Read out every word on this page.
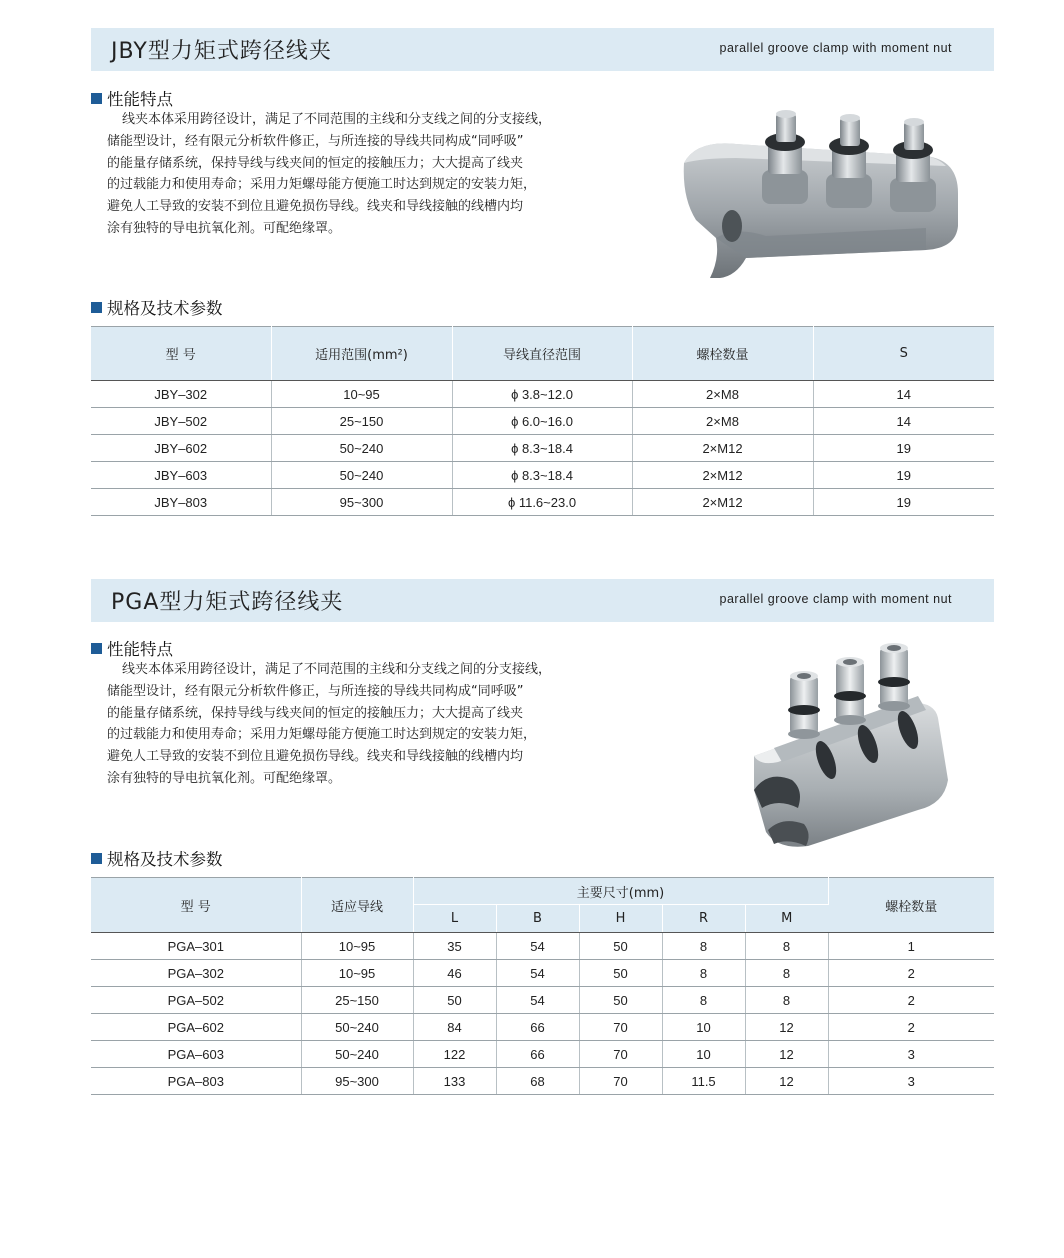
JBY型力矩式跨径线夹	parallel groove clamp with moment nut
性能特点
线夹本体采用跨径设计，满足了不同范围的主线和分支线之间的分支接线，
储能型设计，经有限元分析软件修正，与所连接的导线共同构成“同呼吸”
的能量存储系统，保持导线与线夹间的恒定的接触压力；大大提高了线夹
的过载能力和使用寿命；采用力矩螺母能方便施工时达到规定的安装力矩，
避免人工导致的安装不到位且避免损伤导线。线夹和导线接触的线槽内均
涂有独特的导电抗氧化剂。可配绝缘罩。
规格及技术参数
型 号	适用范围(mm²)	导线直径范围	螺栓数量	S
JBY–302	10~95	ϕ 3.8~12.0	2×M8	14
JBY–502	25~150	ϕ 6.0~16.0	2×M8	14
JBY–602	50~240	ϕ 8.3~18.4	2×M12	19
JBY–603	50~240	ϕ 8.3~18.4	2×M12	19
JBY–803	95~300	ϕ 11.6~23.0	2×M12	19
PGA型力矩式跨径线夹	parallel groove clamp with moment nut
性能特点
线夹本体采用跨径设计，满足了不同范围的主线和分支线之间的分支接线，
储能型设计，经有限元分析软件修正，与所连接的导线共同构成“同呼吸”
的能量存储系统，保持导线与线夹间的恒定的接触压力；大大提高了线夹
的过载能力和使用寿命；采用力矩螺母能方便施工时达到规定的安装力矩，
避免人工导致的安装不到位且避免损伤导线。线夹和导线接触的线槽内均
涂有独特的导电抗氧化剂。可配绝缘罩。
规格及技术参数
型 号	适应导线	主要尺寸(mm)					螺栓数量
		L	B	H	R	M	
PGA–301	10~95	35	54	50	8	8	1
PGA–302	10~95	46	54	50	8	8	2
PGA–502	25~150	50	54	50	8	8	2
PGA–602	50~240	84	66	70	10	12	2
PGA–603	50~240	122	66	70	10	12	3
PGA–803	95~300	133	68	70	11.5	12	3
